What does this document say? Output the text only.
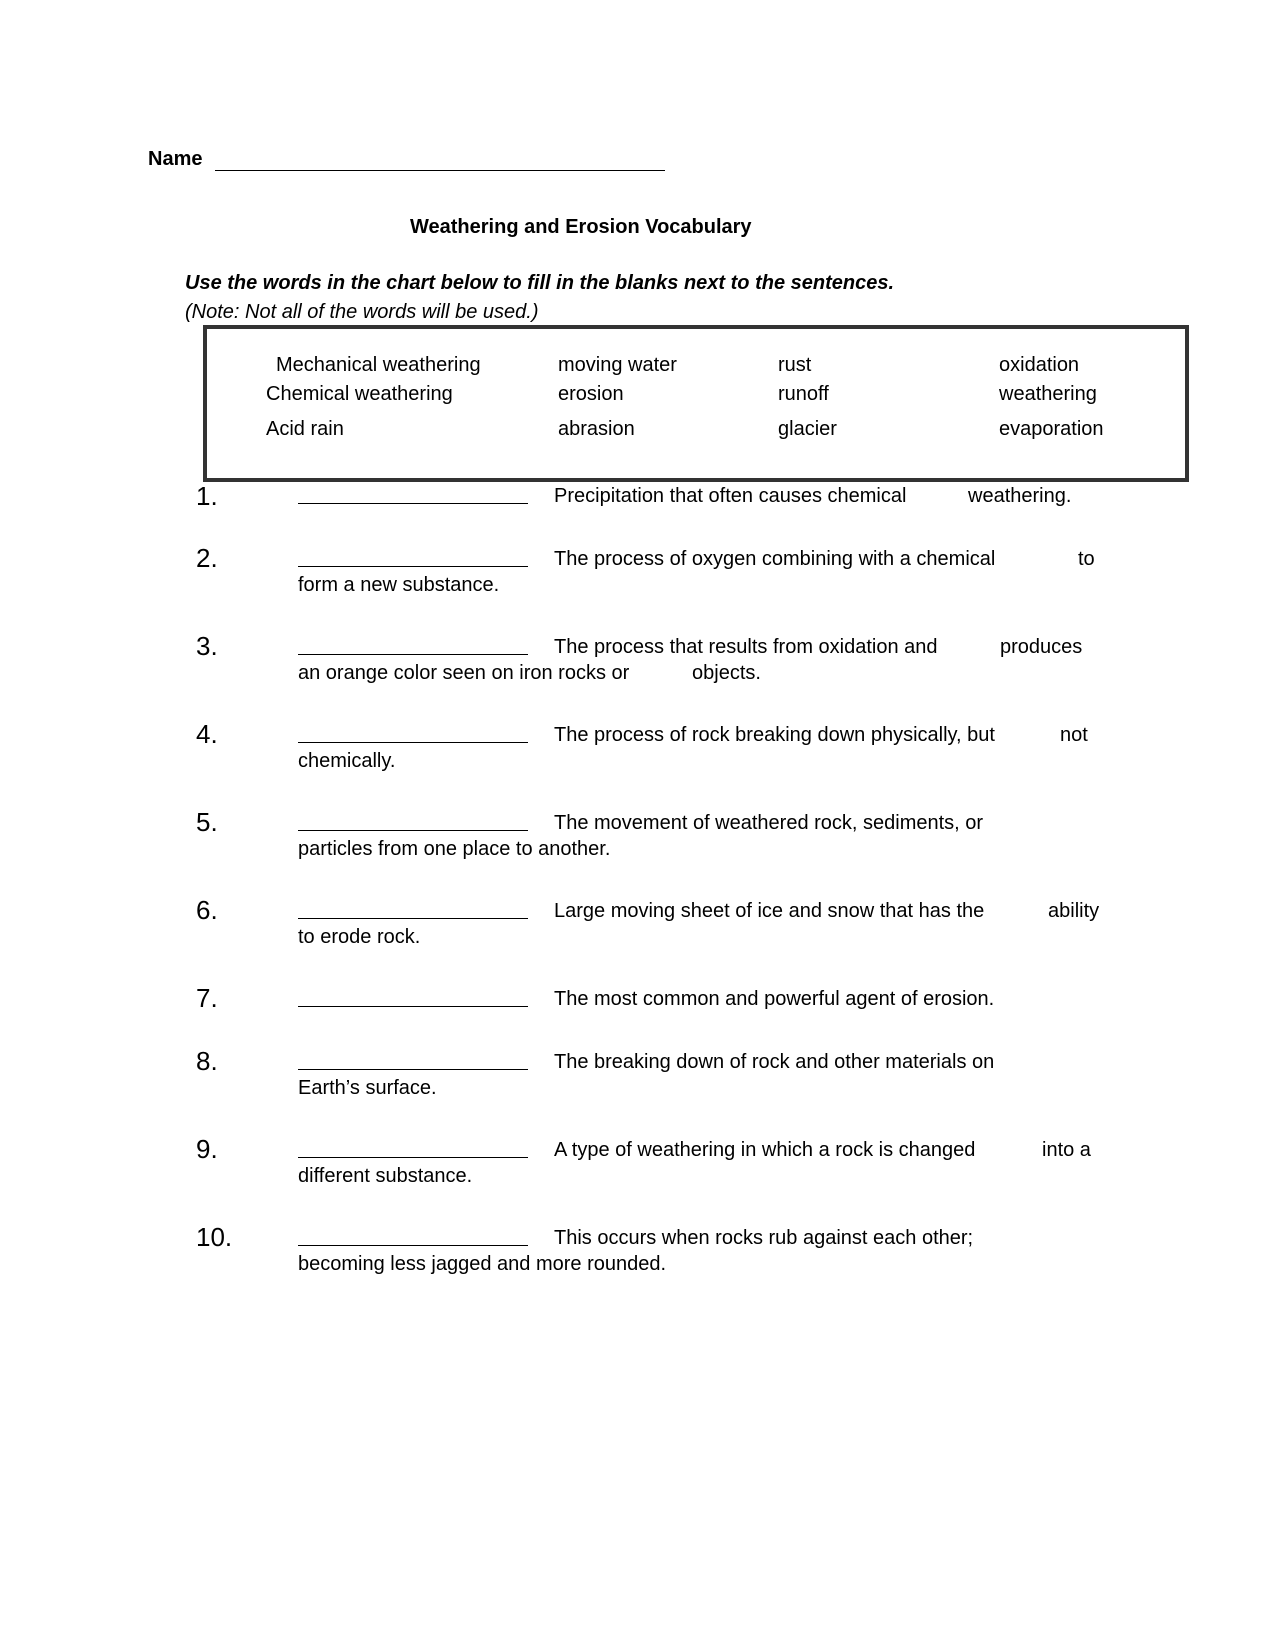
Name
Weathering and Erosion Vocabulary
Use the words in the chart below to fill in the blanks next to the sentences.
(Note: Not all of the words will be used.)
Mechanical weathering	moving water	rust	oxidation
Chemical weathering	erosion	runoff	weathering
Acid rain	abrasion	glacier	evaporation
1.	Precipitation that often causes chemical	weathering.
2.	The process of oxygen combining with a chemical	to
form a new substance.
3.	The process that results from oxidation and	produces
an orange color seen on iron rocks or	objects.
4.	The process of rock breaking down physically, but	not
chemically.
5.	The movement of weathered rock, sediments, or
particles from one place to another.
6.	Large moving sheet of ice and snow that has the	ability
to erode rock.
7.	The most common and powerful agent of erosion.
8.	The breaking down of rock and other materials on
Earth’s surface.
9.	A type of weathering in which a rock is changed	into a
different substance.
10.	This occurs when rocks rub against each other;
becoming less jagged and more rounded.
